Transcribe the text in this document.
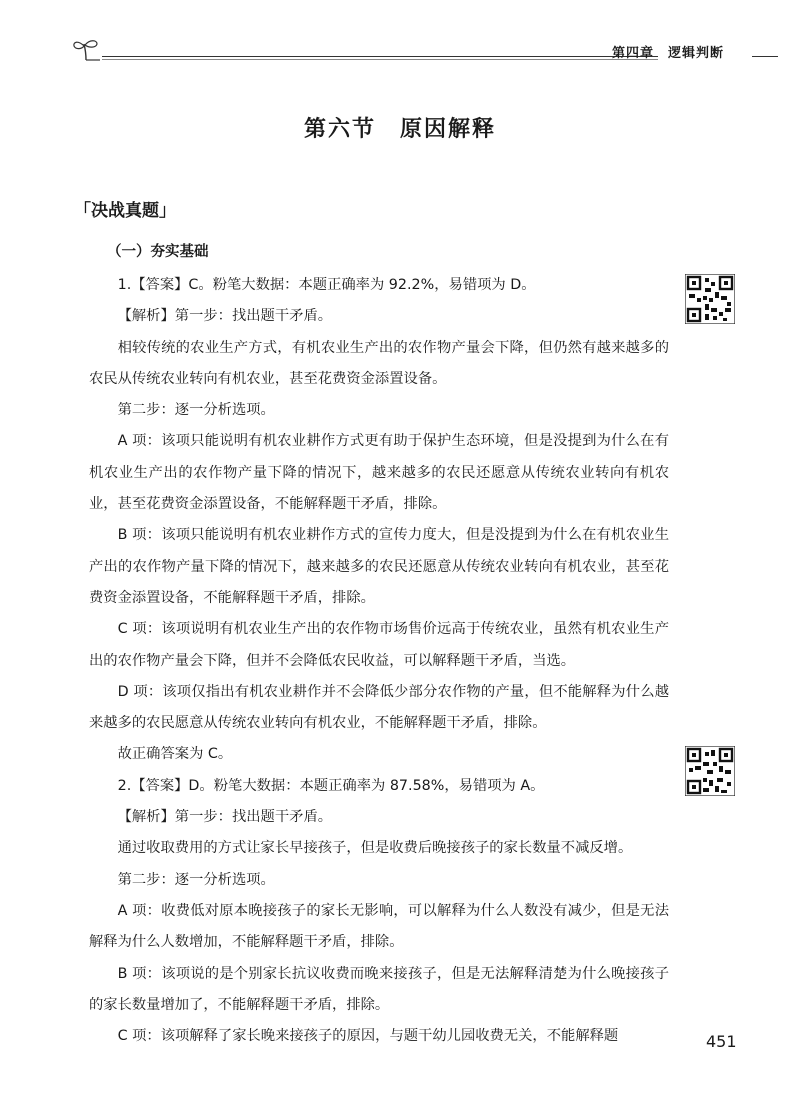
第四章　逻辑判断
第六节　原因解释
「决战真题」
（一）夯实基础

1.【答案】C。粉笔大数据：本题正确率为 92.2%，易错项为 D。

【解析】第一步：找出题干矛盾。

相较传统的农业生产方式，有机农业生产出的农作物产量会下降，但仍然有越来越多的农民从传统农业转向有机农业，甚至花费资金添置设备。

第二步：逐一分析选项。

A 项：该项只能说明有机农业耕作方式更有助于保护生态环境，但是没提到为什么在有机农业生产出的农作物产量下降的情况下，越来越多的农民还愿意从传统农业转向有机农业，甚至花费资金添置设备，不能解释题干矛盾，排除。

B 项：该项只能说明有机农业耕作方式的宣传力度大，但是没提到为什么在有机农业生产出的农作物产量下降的情况下，越来越多的农民还愿意从传统农业转向有机农业，甚至花费资金添置设备，不能解释题干矛盾，排除。

C 项：该项说明有机农业生产出的农作物市场售价远高于传统农业，虽然有机农业生产出的农作物产量会下降，但并不会降低农民收益，可以解释题干矛盾，当选。

D 项：该项仅指出有机农业耕作并不会降低少部分农作物的产量，但不能解释为什么越来越多的农民愿意从传统农业转向有机农业，不能解释题干矛盾，排除。

故正确答案为 C。

2.【答案】D。粉笔大数据：本题正确率为 87.58%，易错项为 A。

【解析】第一步：找出题干矛盾。

通过收取费用的方式让家长早接孩子，但是收费后晚接孩子的家长数量不减反增。

第二步：逐一分析选项。

A 项：收费低对原本晚接孩子的家长无影响，可以解释为什么人数没有减少，但是无法解释为什么人数增加，不能解释题干矛盾，排除。

B 项：该项说的是个别家长抗议收费而晚来接孩子，但是无法解释清楚为什么晚接孩子的家长数量增加了，不能解释题干矛盾，排除。

C 项：该项解释了家长晚来接孩子的原因，与题干幼儿园收费无关，不能解释题	451
